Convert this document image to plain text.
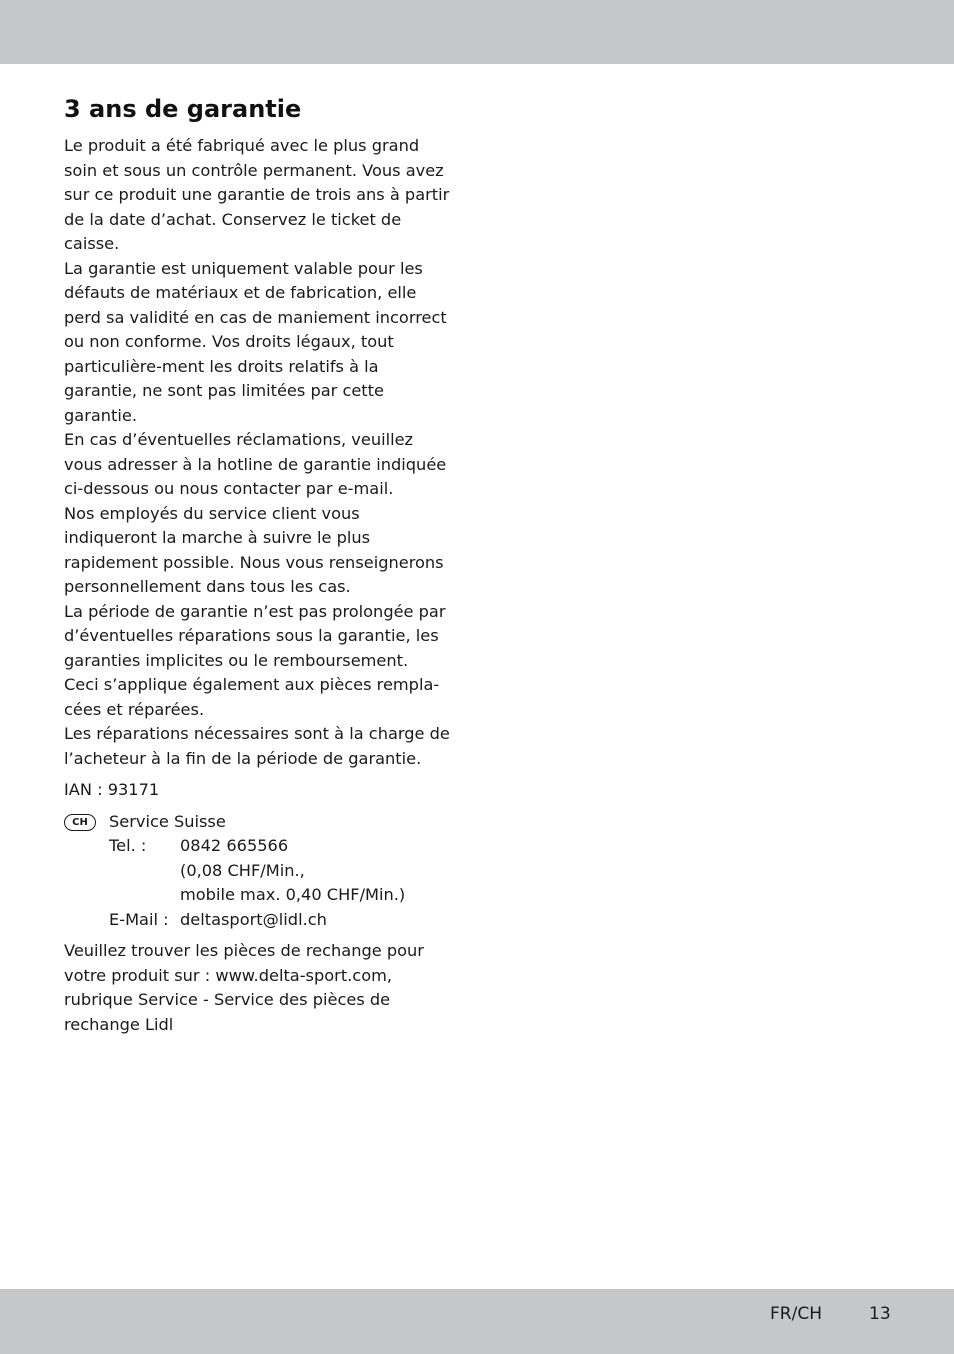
3 ans de garantie

Le produit a été fabriqué avec le plus grand soin et sous un contrôle permanent. Vous avez sur ce produit une garantie de trois ans à partir de la date d’achat. Conservez le ticket de caisse.

La garantie est uniquement valable pour les défauts de matériaux et de fabrication, elle perd sa validité en cas de maniement incorrect ou non conforme. Vos droits légaux, tout particulière-ment les droits relatifs à la garantie, ne sont pas limitées par cette garantie.

En cas d’éventuelles réclamations, veuillez vous adresser à la hotline de garantie indiquée ci-dessous ou nous contacter par e-mail.

Nos employés du service client vous indiqueront la marche à suivre le plus rapidement possible. Nous vous renseignerons personnellement dans tous les cas.

La période de garantie n’est pas prolongée par d’éventuelles réparations sous la garantie, les garanties implicites ou le remboursement.

Ceci s’applique également aux pièces rempla-cées et réparées.

Les réparations nécessaires sont à la charge de l’acheteur à la fin de la période de garantie.

IAN : 93171

CH	Service Suisse
Tel. :	0842 665566
(0,08 CHF/Min.,
mobile max. 0,40 CHF/Min.)
E-Mail : deltasport@lidl.ch

Veuillez trouver les pièces de rechange pour votre produit sur : www.delta-sport.com, rubrique Service - Service des pièces de rechange Lidl

FR/CH	13
